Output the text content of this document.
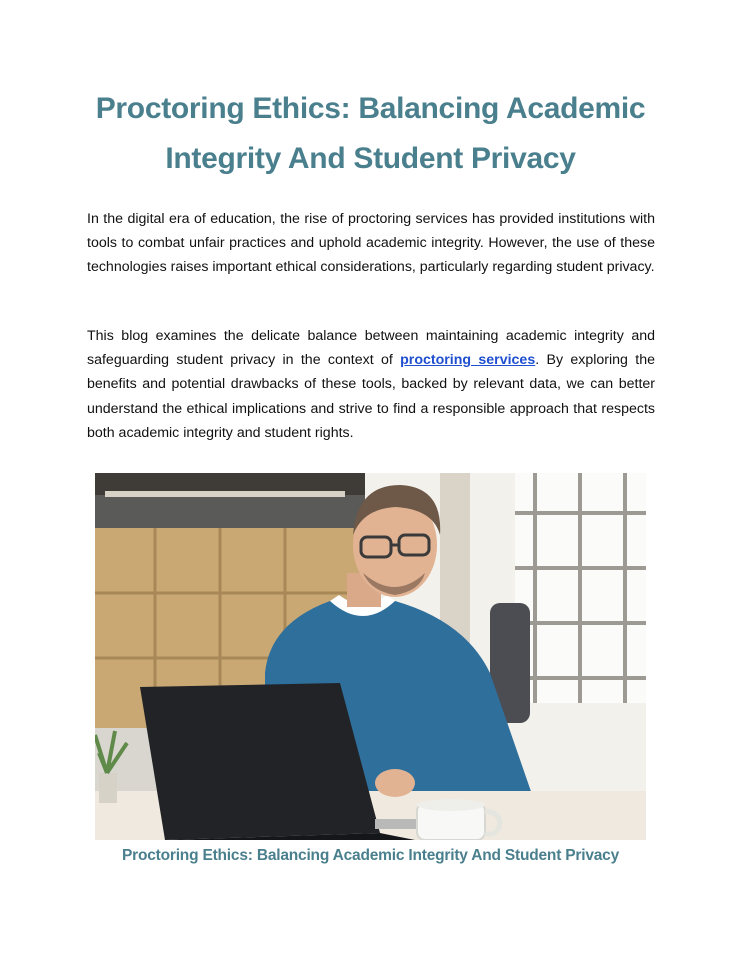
Proctoring Ethics: Balancing Academic Integrity And Student Privacy

In the digital era of education, the rise of proctoring services has provided institutions with tools to combat unfair practices and uphold academic integrity. However, the use of these technologies raises important ethical considerations, particularly regarding student privacy.

This blog examines the delicate balance between maintaining academic integrity and safeguarding student privacy in the context of proctoring services. By exploring the benefits and potential drawbacks of these tools, backed by relevant data, we can better understand the ethical implications and strive to find a responsible approach that respects both academic integrity and student rights.

Proctoring Ethics: Balancing Academic Integrity And Student Privacy
